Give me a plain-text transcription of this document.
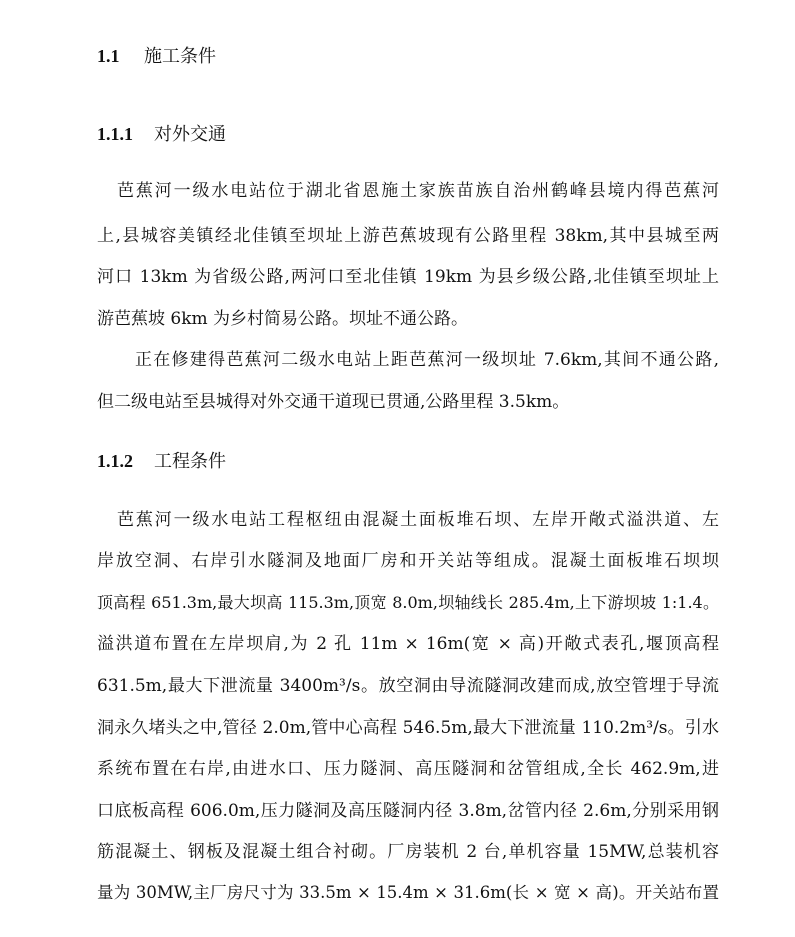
1.1 施工条件
1.1.1 对外交通
芭蕉河一级水电站位于湖北省恩施土家族苗族自治州鹤峰县境内得芭蕉河
上,县城容美镇经北佳镇至坝址上游芭蕉坡现有公路里程 38km,其中县城至两
河口 13km 为省级公路,两河口至北佳镇 19km 为县乡级公路,北佳镇至坝址上
游芭蕉坡 6km 为乡村简易公路。坝址不通公路。
正在修建得芭蕉河二级水电站上距芭蕉河一级坝址 7.6km,其间不通公路,
但二级电站至县城得对外交通干道现已贯通,公路里程 3.5km。
1.1.2 工程条件
芭蕉河一级水电站工程枢纽由混凝土面板堆石坝、左岸开敞式溢洪道、左
岸放空洞、右岸引水隧洞及地面厂房和开关站等组成。混凝土面板堆石坝坝
顶高程 651.3m,最大坝高 115.3m,顶宽 8.0m,坝轴线长 285.4m,上下游坝坡 1:1.4。
溢洪道布置在左岸坝肩,为 2 孔 11m × 16m(宽 × 高)开敞式表孔,堰顶高程
631.5m,最大下泄流量 3400m³/s。放空洞由导流隧洞改建而成,放空管埋于导流
洞永久堵头之中,管径 2.0m,管中心高程 546.5m,最大下泄流量 110.2m³/s。引水
系统布置在右岸,由进水口、压力隧洞、高压隧洞和岔管组成,全长 462.9m,进
口底板高程 606.0m,压力隧洞及高压隧洞内径 3.8m,岔管内径 2.6m,分别采用钢
筋混凝土、钢板及混凝土组合衬砌。厂房装机 2 台,单机容量 15MW,总装机容
量为 30MW,主厂房尺寸为 33.5m × 15.4m × 31.6m(长 × 宽 × 高)。开关站布置
